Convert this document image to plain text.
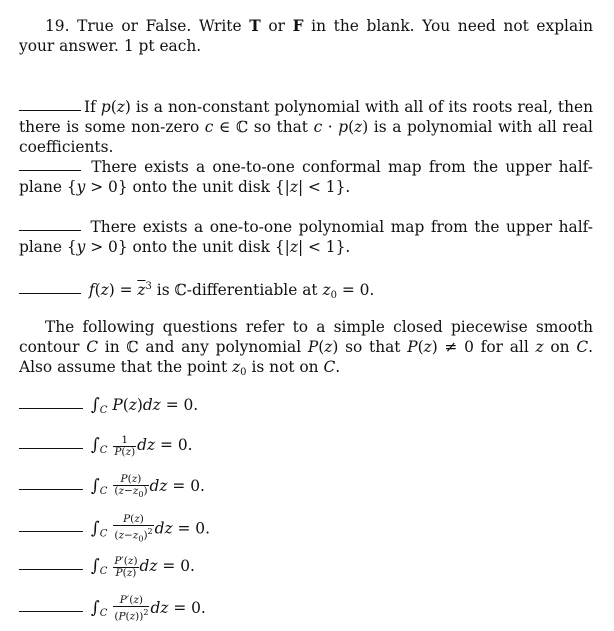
19. True or False. Write T or F in the blank. You need not explain your answer. 1 pt each.
If p(z) is a non-constant polynomial with all of its roots real, then there is some non-zero c ∈ ℂ so that c · p(z) is a polynomial with all real coefficients.
There exists a one-to-one conformal map from the upper half-plane {y > 0} onto the unit disk {|z| < 1}.
There exists a one-to-one polynomial map from the upper half-plane {y > 0} onto the unit disk {|z| < 1}.
$f(z) = \overline{z}^3$ is ℂ-differentiable at $z_0 = 0$.
The following questions refer to a simple closed piecewise smooth contour C in ℂ and any polynomial P(z) so that P(z) ≠ 0 for all z on C. Also assume that the point $z_0$ is not on C.
$\int_C$ P(z)dz = 0.
$\int_C \frac{1}{P(z)}$ dz = 0.
$\int_C \frac{P(z)}{(z-z_0)}$ dz = 0.
$\int_C \frac{P(z)}{(z-z_0)^2}$ dz = 0.
$\int_C \frac{P'(z)}{P(z)}$ dz = 0.
$\int_C \frac{P'(z)}{(P(z))^2}$ dz = 0.
